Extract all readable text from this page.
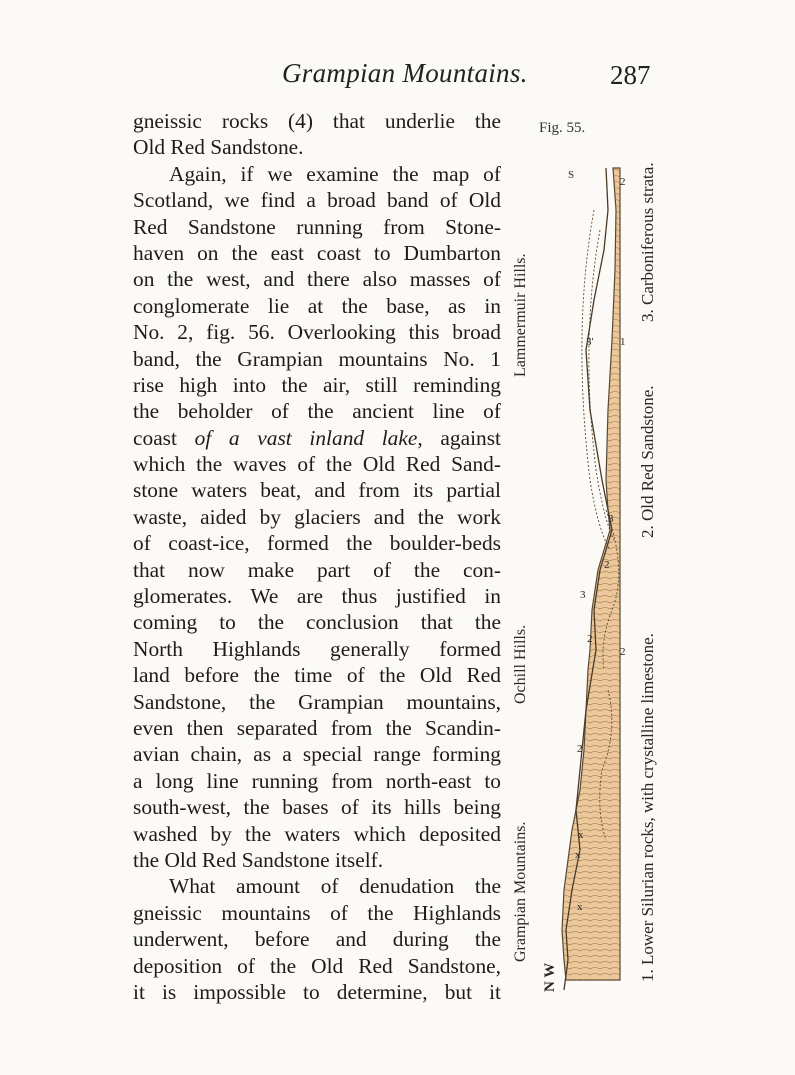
Grampian Mountains.	287
gneissic rocks (4) that underlie the
Old Red Sandstone.
Again, if we examine the map of
Scotland, we find a broad band of Old
Red Sandstone running from Stone-
haven on the east coast to Dumbarton
on the west, and there also masses of
conglomerate lie at the base, as in
No. 2, fig. 56. Overlooking this broad
band, the Grampian mountains No. 1
rise high into the air, still reminding
the beholder of the ancient line of
coast of a vast inland lake, against
which the waves of the Old Red Sand-
stone waters beat, and from its partial
waste, aided by glaciers and the work
of coast-ice, formed the boulder-beds
that now make part of the con-
glomerates. We are thus justified in
coming to the conclusion that the
North Highlands generally formed
land before the time of the Old Red
Sandstone, the Grampian mountains,
even then separated from the Scandin-
avian chain, as a special range forming
a long line running from north-east to
south-west, the bases of its hills being
washed by the waters which deposited
the Old Red Sandstone itself.
What amount of denudation the
gneissic mountains of the Highlands
underwent, before and during the
deposition of the Old Red Sandstone,
it is impossible to determine, but it
Fig. 55.
Grampian Mountains.
Ochill Hills.
Lammermuir Hills.
N W	1. Lower Silurian rocks, with crystalline limestone.
2. Old Red Sandstone.
3. Carboniferous strata.
x
x
x
2
2
2
2
3
3
3' 1
2
S
